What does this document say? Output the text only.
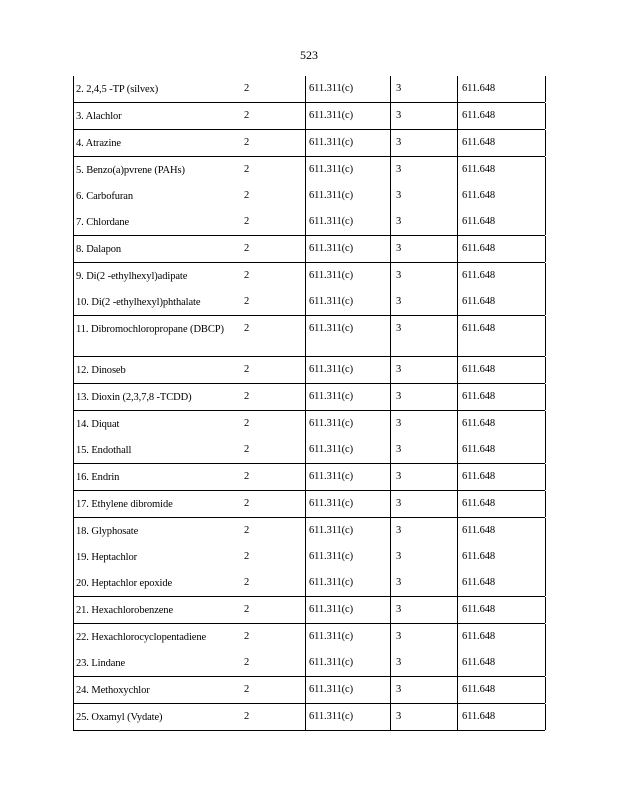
523
2. 2,4,5 -TP (silvex)	2	611.311(c)	3	611.648
3. Alachlor	2	611.311(c)	3	611.648
4. Atrazine	2	611.311(c)	3	611.648
5. Benzo(a)pvrene (PAHs)	2	611.311(c)	3	611.648
6. Carbofuran	2	611.311(c)	3	611.648
7. Chlordane	2	611.311(c)	3	611.648
8. Dalapon	2	611.311(c)	3	611.648
9. Di(2 -ethylhexyl)adipate	2	611.311(c)	3	611.648
10. Di(2 -ethylhexyl)phthalate	2	611.311(c)	3	611.648
11. Dibromochloropropane (DBCP) 2	611.311(c)	3	611.648
12. Dinoseb	2	611.311(c)	3	611.648
13. Dioxin (2,3,7,8 -TCDD)	2	611.311(c)	3	611.648
14. Diquat	2	611.311(c)	3	611.648
15. Endothall	2	611.311(c)	3	611.648
16. Endrin	2	611.311(c)	3	611.648
17. Ethylene dibromide	2	611.311(c)	3	611.648
18. Glyphosate	2	611.311(c)	3	611.648
19. Heptachlor	2	611.311(c)	3	611.648
20. Heptachlor epoxide	2	611.311(c)	3	611.648
21. Hexachlorobenzene	2	611.311(c)	3	611.648
22. Hexachlorocyclopentadiene	2	611.311(c)	3	611.648
23. Lindane	2	611.311(c)	3	611.648
24. Methoxychlor	2	611.311(c)	3	611.648
25. Oxamyl (Vydate)	2	611.311(c)	3	611.648
